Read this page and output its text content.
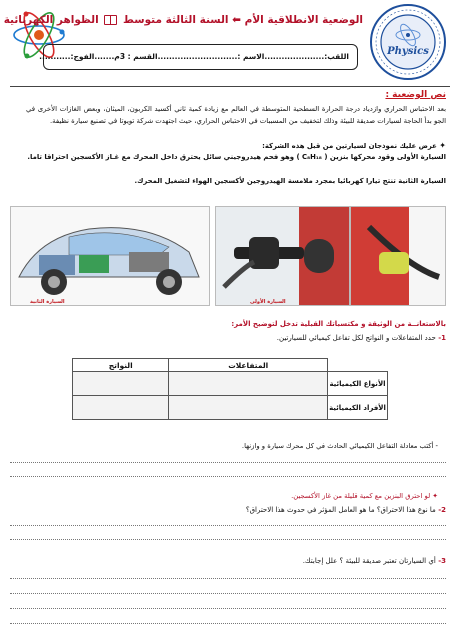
الوضعية الانطلاقية الأم ⬅ السنة الثالثة متوسط  الظواهر الكهربائية
Physics
اللقب:.....................
الاسم :............................
القسم : 3م.......
الفوج:...........
نص الوضعية :
بعد الاحتباس الحراري وازدياد درجة الحرارة السطحية المتوسطة في العالم مع زيادة كمية ثاني أكسيد الكربون، الميثان، وبعض الغازات الأخرى في الجو بدأ الحاجة لسيارات صديقة للبيئة وذلك لتخفيف من المسببات في الاحتباس الحراري، حيث اجتهدت شركة تويوتا في تصنيع سيارة نظيفة.
✦ عرض عليك نموذجان لسيارتين من قبل هذه الشركة:
السيارة الأولى وقود محركها بنزين ( C₈H₁₈ ) وهو فحم هيدروجيني سائل يحترق داخل المحرك مع غـاز الأكسجين احتراقا تاما.
السيارة الثانية تنتج تيارا كهربائيا بمجرد ملامسة الهيدروجين لأكسجين الهواء لتشغيل المحرك.
السيارة الأولى
السيارة الثانية
بالاستعانــة من الوثيقة و مكتسباتك القبلية تدخل لتوضيح الأمر:
1- حدد المتفاعلات و النواتج لكل تفاعل كيميائي للسيارتين.
	المتفاعلات	النواتج
الأنواع الكيميائية		
الأفراد الكيميائية		
- أكتب معادلة التفاعل الكيميائي الحادث في كل محرك سيارة و وازنها.
✦ لو احترق البنزين مع كمية قليلة من غاز الأكسجين.
2- ما نوع هذا الاحتراق؟ ما هو العامل المؤثر في حدوث هذا الاحتراق؟
3- أي السيارتان تعتبر صديقة للبيئة ؟ علل إجابتك.
